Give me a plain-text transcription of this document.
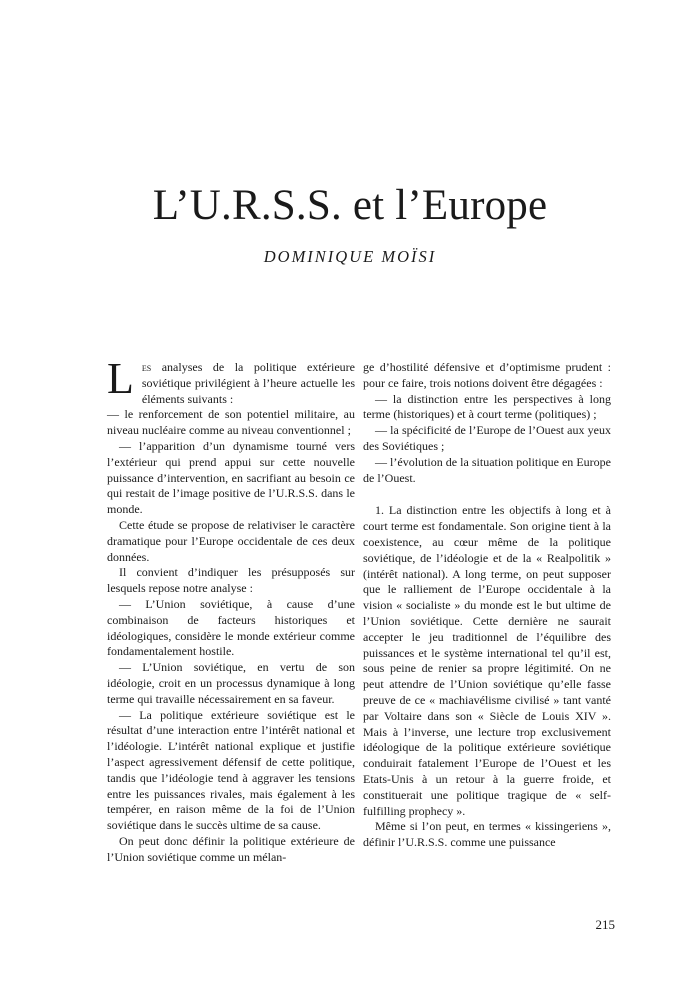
L’U.R.S.S. et l’Europe
DOMINIQUE MOÏSI

Les analyses de la politique extérieure soviétique privilégient à l’heure actuelle les éléments suivants :

— le renforcement de son potentiel militaire, au niveau nucléaire comme au niveau conventionnel ;

— l’apparition d’un dynamisme tourné vers l’extérieur qui prend appui sur cette nouvelle puissance d’intervention, en sacrifiant au besoin ce qui restait de l’image positive de l’U.R.S.S. dans le monde.

Cette étude se propose de relativiser le caractère dramatique pour l’Europe occidentale de ces deux données.

Il convient d’indiquer les présupposés sur lesquels repose notre analyse :

— L’Union soviétique, à cause d’une combinaison de facteurs historiques et idéologiques, considère le monde extérieur comme fondamentalement hostile.

— L’Union soviétique, en vertu de son idéologie, croit en un processus dynamique à long terme qui travaille nécessairement en sa faveur.

— La politique extérieure soviétique est le résultat d’une interaction entre l’intérêt national et l’idéologie. L’intérêt national explique et justifie l’aspect agressivement défensif de cette politique, tandis que l’idéologie tend à aggraver les tensions entre les puissances rivales, mais également à les tempérer, en raison même de la foi de l’Union soviétique dans le succès ultime de sa cause.

On peut donc définir la politique extérieure de l’Union soviétique comme un mélan-

ge d’hostilité défensive et d’optimisme prudent : pour ce faire, trois notions doivent être dégagées :

— la distinction entre les perspectives à long terme (historiques) et à court terme (politiques) ;

— la spécificité de l’Europe de l’Ouest aux yeux des Soviétiques ;

— l’évolution de la situation politique en Europe de l’Ouest.

1. La distinction entre les objectifs à long et à court terme est fondamentale. Son origine tient à la coexistence, au cœur même de la politique soviétique, de l’idéologie et de la « Realpolitik » (intérêt national). A long terme, on peut supposer que le ralliement de l’Europe occidentale à la vision « socialiste » du monde est le but ultime de l’Union soviétique. Cette dernière ne saurait accepter le jeu traditionnel de l’équilibre des puissances et le système international tel qu’il est, sous peine de renier sa propre légitimité. On ne peut attendre de l’Union soviétique qu’elle fasse preuve de ce « machiavélisme civilisé » tant vanté par Voltaire dans son « Siècle de Louis XIV ». Mais à l’inverse, une lecture trop exclusivement idéologique de la politique extérieure soviétique conduirait fatalement l’Europe de l’Ouest et les Etats-Unis à un retour à la guerre froide, et constituerait une politique tragique de « self-fulfilling prophecy ».

Même si l’on peut, en termes « kissingeriens », définir l’U.R.S.S. comme une puissance

215
